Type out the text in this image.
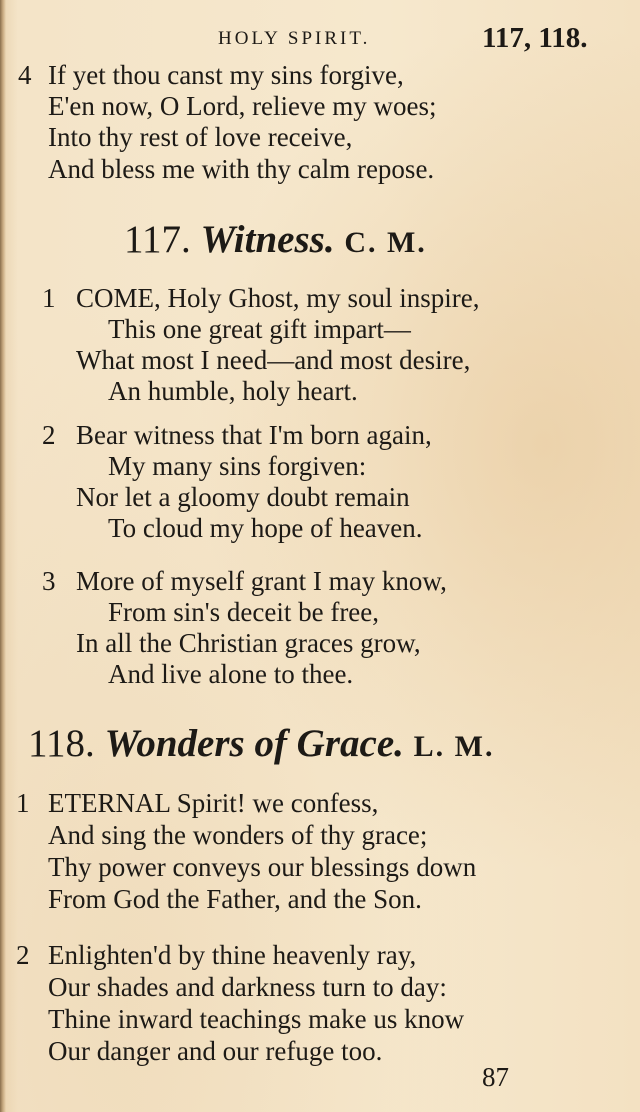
HOLY SPIRIT.	117, 118.
4 If yet thou canst my sins forgive,
E'en now, O Lord, relieve my woes;
Into thy rest of love receive,
And bless me with thy calm repose.
117. Witness. C. M.
1 COME, Holy Ghost, my soul inspire,
This one great gift impart—
What most I need—and most desire,
An humble, holy heart.
2 Bear witness that I'm born again,
My many sins forgiven:
Nor let a gloomy doubt remain
To cloud my hope of heaven.
3 More of myself grant I may know,
From sin's deceit be free,
In all the Christian graces grow,
And live alone to thee.
118. Wonders of Grace. L. M.
1 ETERNAL Spirit! we confess,
And sing the wonders of thy grace;
Thy power conveys our blessings down
From God the Father, and the Son.
2 Enlighten'd by thine heavenly ray,
Our shades and darkness turn to day:
Thine inward teachings make us know
Our danger and our refuge too.
87
